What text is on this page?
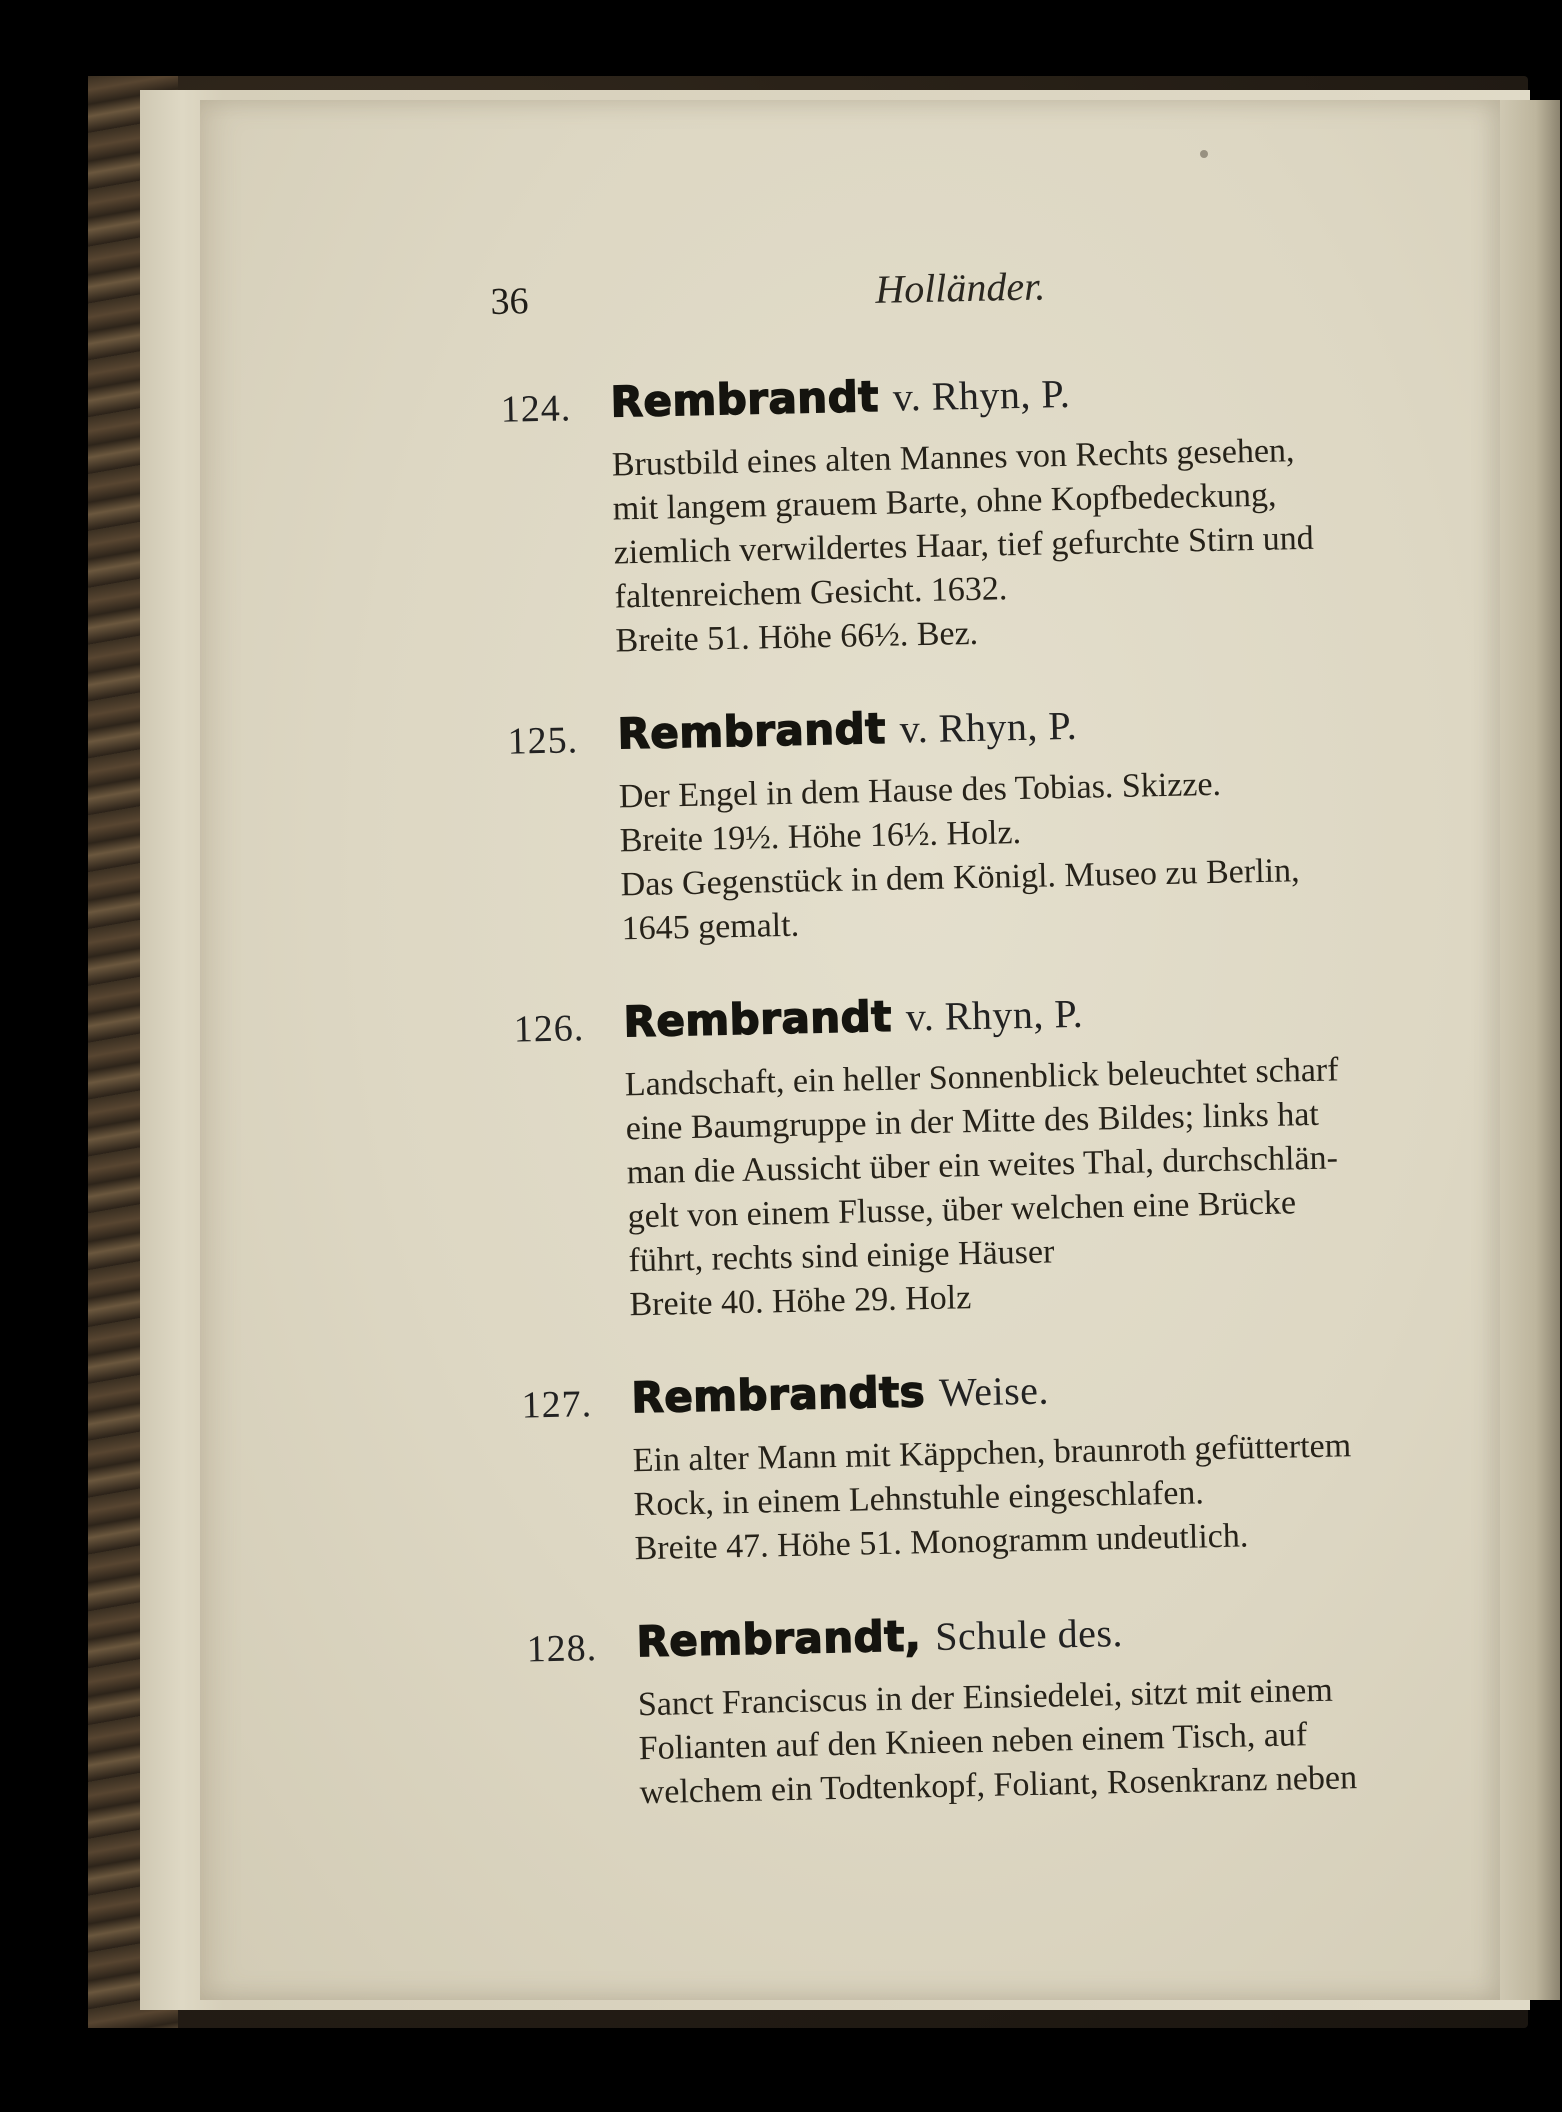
36	Holländer.
124. Rembrandt v. Rhyn, P.
Brustbild eines alten Mannes von Rechts gesehen,
mit langem grauem Barte, ohne Kopfbedeckung,
ziemlich verwildertes Haar, tief gefurchte Stirn und
faltenreichem Gesicht. 1632.
Breite 51. Höhe 66½. Bez.
125. Rembrandt v. Rhyn, P.
Der Engel in dem Hause des Tobias. Skizze.
Breite 19½. Höhe 16½. Holz.
Das Gegenstück in dem Königl. Museo zu Berlin,
1645 gemalt.
126. Rembrandt v. Rhyn, P.
Landschaft, ein heller Sonnenblick beleuchtet scharf
eine Baumgruppe in der Mitte des Bildes; links hat
man die Aussicht über ein weites Thal, durchschlän-
gelt von einem Flusse, über welchen eine Brücke
führt, rechts sind einige Häuser
Breite 40. Höhe 29. Holz
127. Rembrandts Weise.
Ein alter Mann mit Käppchen, braunroth gefüttertem
Rock, in einem Lehnstuhle eingeschlafen.
Breite 47. Höhe 51. Monogramm undeutlich.
128. Rembrandt, Schule des.
Sanct Franciscus in der Einsiedelei, sitzt mit einem
Folianten auf den Knieen neben einem Tisch, auf
welchem ein Todtenkopf, Foliant, Rosenkranz neben
